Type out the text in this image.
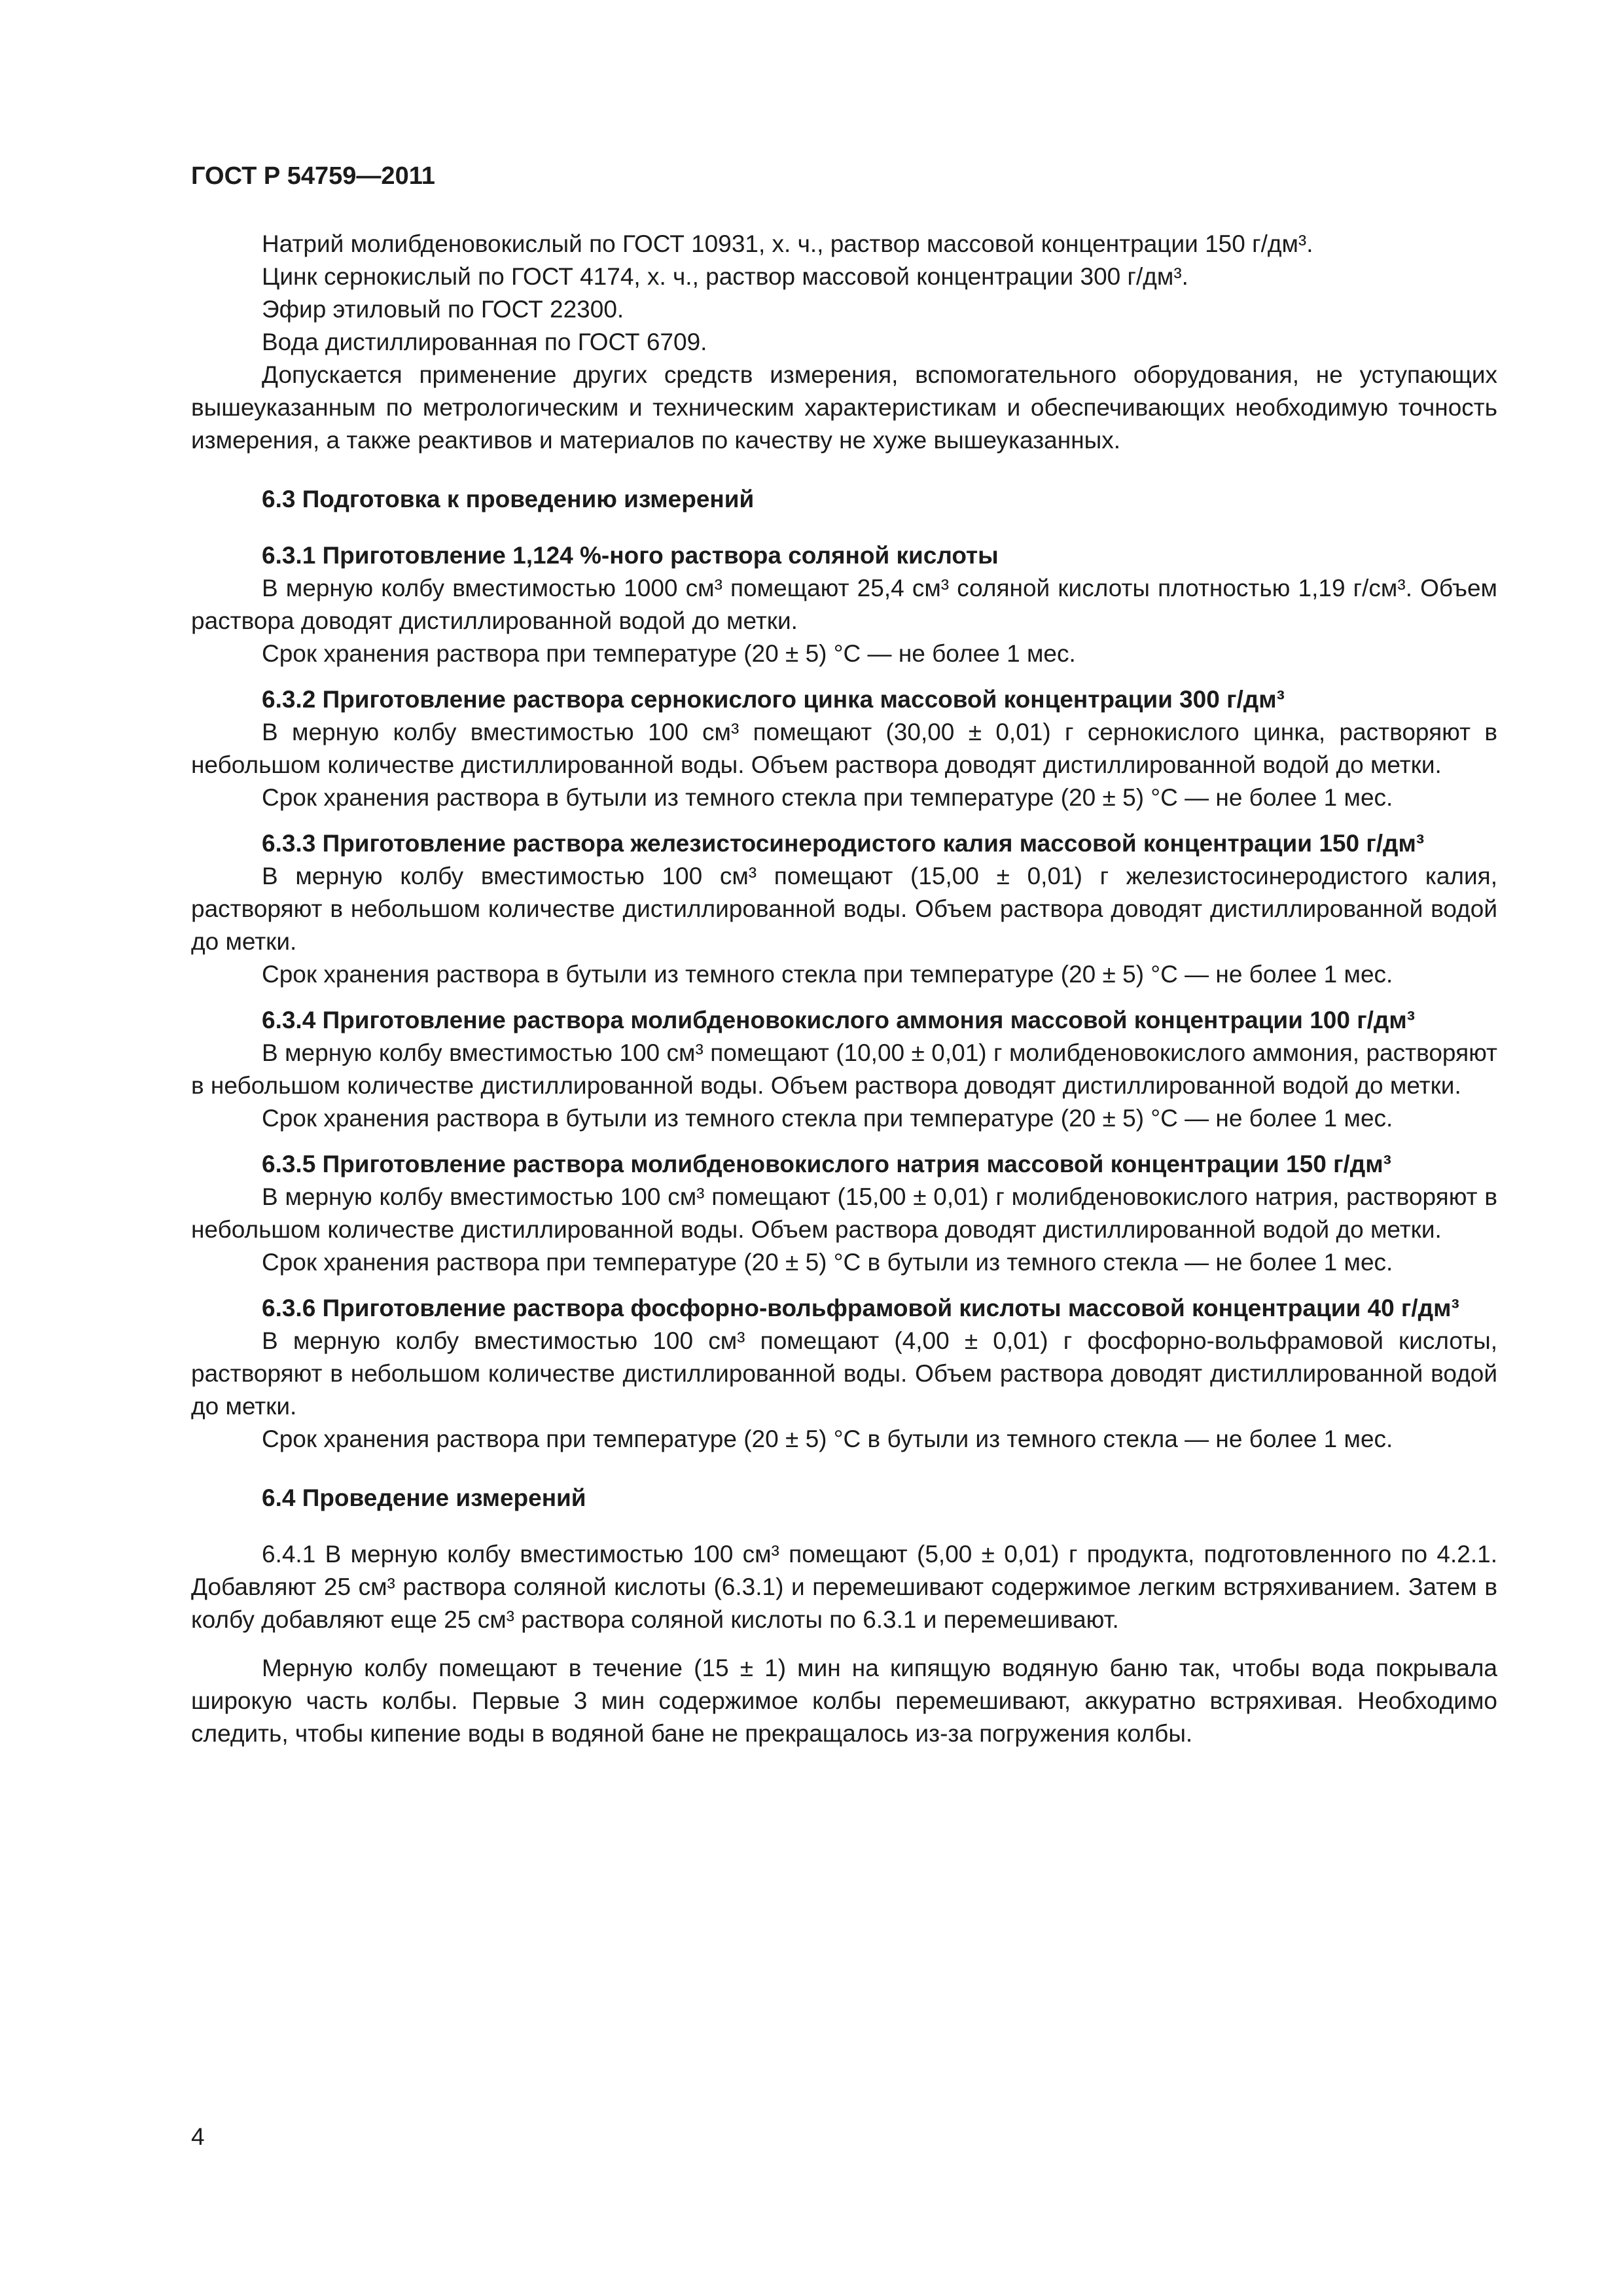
ГОСТ Р 54759—2011

Натрий молибденовокислый по ГОСТ 10931, х. ч., раствор массовой концентрации 150 г/дм³.

Цинк сернокислый по ГОСТ 4174, х. ч., раствор массовой концентрации 300 г/дм³.

Эфир этиловый по ГОСТ 22300.

Вода дистиллированная по ГОСТ 6709.

Допускается применение других средств измерения, вспомогательного оборудования, не уступающих вышеуказанным по метрологическим и техническим характеристикам и обеспечивающих необходимую точность измерения, а также реактивов и материалов по качеству не хуже вышеуказанных.

6.3 Подготовка к проведению измерений

6.3.1 Приготовление 1,124 %-ного раствора соляной кислоты

В мерную колбу вместимостью 1000 см³ помещают 25,4 см³ соляной кислоты плотностью 1,19 г/см³. Объем раствора доводят дистиллированной водой до метки.

Срок хранения раствора при температуре (20 ± 5) °С — не более 1 мес.

6.3.2 Приготовление раствора сернокислого цинка массовой концентрации 300 г/дм³

В мерную колбу вместимостью 100 см³ помещают (30,00 ± 0,01) г сернокислого цинка, растворяют в небольшом количестве дистиллированной воды. Объем раствора доводят дистиллированной водой до метки.

Срок хранения раствора в бутыли из темного стекла при температуре (20 ± 5) °С — не более 1 мес.

6.3.3 Приготовление раствора железистосинеродистого калия массовой концентрации 150 г/дм³

В мерную колбу вместимостью 100 см³ помещают (15,00 ± 0,01) г железистосинеродистого калия, растворяют в небольшом количестве дистиллированной воды. Объем раствора доводят дистиллированной водой до метки.

Срок хранения раствора в бутыли из темного стекла при температуре (20 ± 5) °С — не более 1 мес.

6.3.4 Приготовление раствора молибденовокислого аммония массовой концентрации 100 г/дм³

В мерную колбу вместимостью 100 см³ помещают (10,00 ± 0,01) г молибденовокислого аммония, растворяют в небольшом количестве дистиллированной воды. Объем раствора доводят дистиллированной водой до метки.

Срок хранения раствора в бутыли из темного стекла при температуре (20 ± 5) °С — не более 1 мес.

6.3.5 Приготовление раствора молибденовокислого натрия массовой концентрации 150 г/дм³

В мерную колбу вместимостью 100 см³ помещают (15,00 ± 0,01) г молибденовокислого натрия, растворяют в небольшом количестве дистиллированной воды. Объем раствора доводят дистиллированной водой до метки.

Срок хранения раствора при температуре (20 ± 5) °С в бутыли из темного стекла — не более 1 мес.

6.3.6 Приготовление раствора фосфорно-вольфрамовой кислоты массовой концентрации 40 г/дм³

В мерную колбу вместимостью 100 см³ помещают (4,00 ± 0,01) г фосфорно-вольфрамовой кислоты, растворяют в небольшом количестве дистиллированной воды. Объем раствора доводят дистиллированной водой до метки.

Срок хранения раствора при температуре (20 ± 5) °С в бутыли из темного стекла — не более 1 мес.

6.4 Проведение измерений

6.4.1 В мерную колбу вместимостью 100 см³ помещают (5,00 ± 0,01) г продукта, подготовленного по 4.2.1. Добавляют 25 см³ раствора соляной кислоты (6.3.1) и перемешивают содержимое легким встряхиванием. Затем в колбу добавляют еще 25 см³ раствора соляной кислоты по 6.3.1 и перемешивают.

Мерную колбу помещают в течение (15 ± 1) мин на кипящую водяную баню так, чтобы вода покрывала широкую часть колбы. Первые 3 мин содержимое колбы перемешивают, аккуратно встряхивая. Необходимо следить, чтобы кипение воды в водяной бане не прекращалось из-за погружения колбы.

4
